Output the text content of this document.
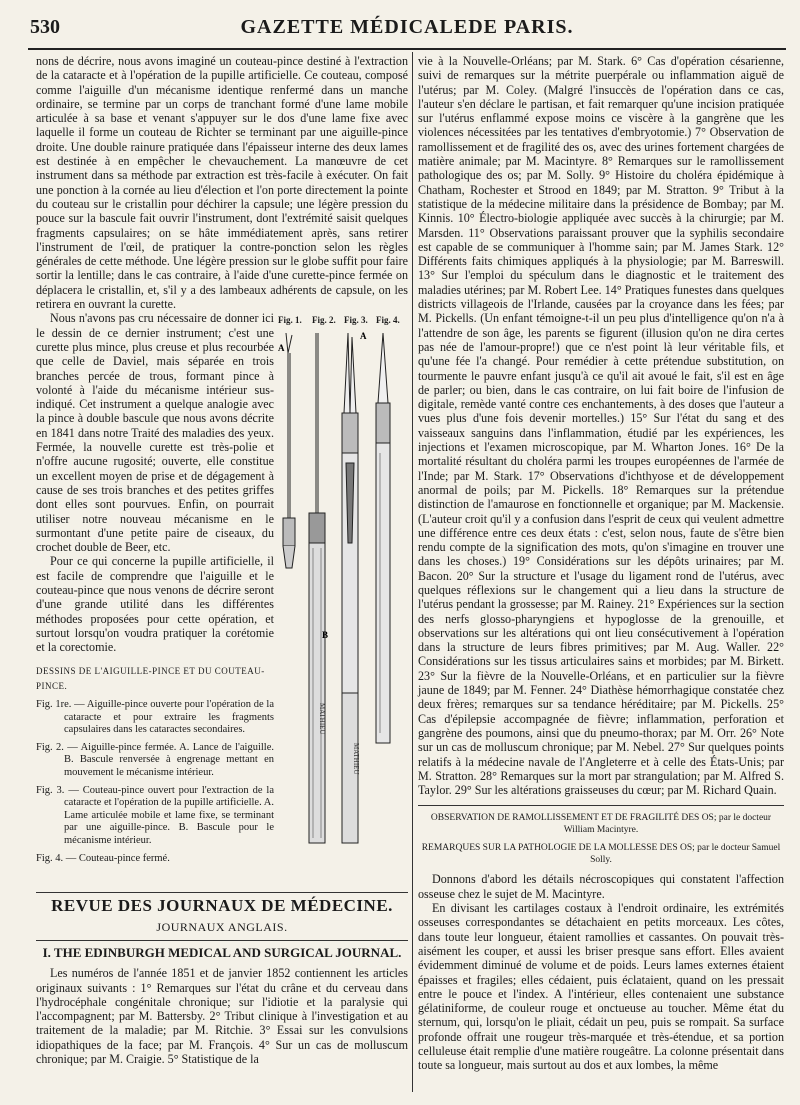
530	GAZETTE MÉDICALEDE PARIS.

nons de décrire, nous avons imaginé un couteau-pince destiné à l'extraction de la cataracte et à l'opération de la pupille artificielle. Ce couteau, composé comme l'aiguille d'un mécanisme identique renfermé dans un manche ordinaire, se termine par un corps de tranchant formé d'une lame mobile articulée à sa base et venant s'appuyer sur le dos d'une lame fixe avec laquelle il forme un couteau de Richter se terminant par une aiguille-pince droite. Une double rainure pratiquée dans l'épaisseur interne des deux lames est destinée à en empêcher le chevauchement. La manœuvre de cet instrument dans sa méthode par extraction est très-facile à exécuter. On fait une ponction à la cornée au lieu d'élection et l'on porte directement la pointe du couteau sur le cristallin pour déchirer la capsule; une légère pression du pouce sur la bascule fait ouvrir l'instrument, dont l'extrémité saisit quelques fragments capsulaires; on se hâte immédiatement après, sans retirer l'instrument de l'œil, de pratiquer la contre-ponction selon les règles générales de cette méthode. Une légère pression sur le globe suffit pour faire sortir la lentille; dans le cas contraire, à l'aide d'une curette-pince fermée on déplacera le cristallin, et, s'il y a des lambeaux adhérents de capsule, on les retirera en ouvrant la curette.

Nous n'avons pas cru nécessaire de donner ici le dessin de ce dernier instrument; c'est une curette plus mince, plus creuse et plus recourbée que celle de Daviel, mais séparée en trois branches percée de trous, formant pince à volonté à l'aide du mécanisme intérieur sus-indiqué. Cet instrument a quelque analogie avec la pince à double bascule que nous avons décrite en 1841 dans notre Traité des maladies des yeux. Fermée, la nouvelle curette est très-polie et n'offre aucune rugosité; ouverte, elle constitue un excellent moyen de prise et de dégagement à cause de ses trois branches et des petites griffes dont elles sont pourvues. Enfin, on pourrait utiliser notre nouveau mécanisme en le surmontant d'une petite paire de ciseaux, du crochet double de Beer, etc.

Pour ce qui concerne la pupille artificielle, il est facile de comprendre que l'aiguille et le couteau-pince que nous venons de décrire seront d'une grande utilité dans les différentes méthodes proposées pour cette opération, et surtout lorsqu'on voudra pratiquer la corétomie et la corectomie.

DESSINS DE L'AIGUILLE-PINCE ET DU COUTEAU-PINCE.
Fig. 1re. — Aiguille-pince ouverte pour l'opération de la cataracte et pour extraire les fragments capsulaires dans les cataractes secondaires.
Fig. 2. — Aiguille-pince fermée. A. Lance de l'aiguille. B. Bascule renversée à engrenage mettant en mouvement le mécanisme intérieur.
Fig. 3. — Couteau-pince ouvert pour l'extraction de la cataracte et l'opération de la pupille artificielle. A. Lame articulée mobile et lame fixe, se terminant par une aiguille-pince. B. Bascule pour le mécanisme intérieur.
Fig. 4. — Couteau-pince fermé.
Fig. 1. Fig. 2. Fig. 3. Fig. 4.
A
MATHIEU
A
B
MATHIEU
REVUE DES JOURNAUX DE MÉDECINE.
JOURNAUX ANGLAIS.
I. THE EDINBURGH MEDICAL AND SURGICAL JOURNAL.

Les numéros de l'année 1851 et de janvier 1852 contiennent les articles originaux suivants : 1° Remarques sur l'état du crâne et du cerveau dans l'hydrocéphale congénitale chronique; sur l'idiotie et la paralysie qui l'accompagnent; par M. Battersby. 2° Tribut clinique à l'investigation et au traitement de la maladie; par M. Ritchie. 3° Essai sur les convulsions idiopathiques de la face; par M. François. 4° Sur un cas de molluscum chronique; par M. Craigie. 5° Statistique de la

vie à la Nouvelle-Orléans; par M. Stark. 6° Cas d'opération césarienne, suivi de remarques sur la métrite puerpérale ou inflammation aiguë de l'utérus; par M. Coley. (Malgré l'insuccès de l'opération dans ce cas, l'auteur s'en déclare le partisan, et fait remarquer qu'une incision pratiquée sur l'utérus enflammé expose moins ce viscère à la gangrène que les violences nécessitées par les tentatives d'embryotomie.) 7° Observation de ramollissement et de fragilité des os, avec des urines fortement chargées de matière animale; par M. Macintyre. 8° Remarques sur le ramollissement pathologique des os; par M. Solly. 9° Histoire du choléra épidémique à Chatham, Rochester et Strood en 1849; par M. Stratton. 9° Tribut à la statistique de la médecine militaire dans la présidence de Bombay; par M. Kinnis. 10° Électro-biologie appliquée avec succès à la chirurgie; par M. Marsden. 11° Observations paraissant prouver que la syphilis secondaire est capable de se communiquer à l'homme sain; par M. James Stark. 12° Différents faits chimiques appliqués à la physiologie; par M. Barreswill. 13° Sur l'emploi du spéculum dans le diagnostic et le traitement des maladies utérines; par M. Robert Lee. 14° Pratiques funestes dans quelques districts villageois de l'Irlande, causées par la croyance dans les fées; par M. Pickells. (Un enfant témoigne-t-il un peu plus d'intelligence qu'on n'a à l'attendre de son âge, les parents se figurent (illusion qu'on ne dira certes pas née de l'amour-propre!) que ce n'est point là leur véritable fils, et qu'une fée l'a changé. Pour remédier à cette prétendue substitution, on tourmente le pauvre enfant jusqu'à ce qu'il ait avoué le fait, s'il est en âge de parler; ou bien, dans le cas contraire, on lui fait boire de l'infusion de digitale, remède vanté contre ces enchantements, à des doses que l'auteur a vues plus d'une fois devenir mortelles.) 15° Sur l'état du sang et des vaisseaux sanguins dans l'inflammation, étudié par les expériences, les injections et l'examen microscopique, par M. Wharton Jones. 16° De la mortalité résultant du choléra parmi les troupes européennes de l'armée de l'Inde; par M. Stark. 17° Observations d'ichthyose et de développement anormal de poils; par M. Pickells. 18° Remarques sur la prétendue distinction de l'amaurose en fonctionnelle et organique; par M. Mackensie. (L'auteur croit qu'il y a confusion dans l'esprit de ceux qui veulent admettre une différence entre ces deux états : c'est, selon nous, faute de s'être bien rendu compte de la signification des mots, qu'on s'imagine en trouver une dans les choses.) 19° Considérations sur les dépôts urinaires; par M. Bacon. 20° Sur la structure et l'usage du ligament rond de l'utérus, avec quelques réflexions sur le changement qui a lieu dans la structure de l'utérus pendant la grossesse; par M. Rainey. 21° Expériences sur la section des nerfs glosso-pharyngiens et hypoglosse de la grenouille, et observations sur les altérations qui ont lieu consécutivement à l'opération dans la structure de leurs fibres primitives; par M. Aug. Waller. 22° Considérations sur les tissus articulaires sains et morbides; par M. Birkett. 23° Sur la fièvre de la Nouvelle-Orléans, et en particulier sur la fièvre jaune de 1849; par M. Fenner. 24° Diathèse hémorrhagique constatée chez deux frères; remarques sur sa tendance héréditaire; par M. Pickells. 25° Cas d'épilepsie accompagnée de fièvre; inflammation, perforation et gangrène des poumons, ainsi que du pneumo-thorax; par M. Orr. 26° Note sur un cas de molluscum chronique; par M. Nebel. 27° Sur quelques points relatifs à la médecine navale de l'Angleterre et à celle des États-Unis; par M. Stratton. 28° Remarques sur la mort par strangulation; par M. Alfred S. Taylor. 29° Sur les altérations graisseuses du cœur; par M. Richard Quain.

OBSERVATION DE RAMOLLISSEMENT ET DE FRAGILITÉ DES OS; par le docteur William Macintyre.
REMARQUES SUR LA PATHOLOGIE DE LA MOLLESSE DES OS; par le docteur Samuel Solly.

Donnons d'abord les détails nécroscopiques qui constatent l'affection osseuse chez le sujet de M. Macintyre.

En divisant les cartilages costaux à l'endroit ordinaire, les extrémités osseuses correspondantes se détachaient en petits morceaux. Les côtes, dans toute leur longueur, étaient ramollies et cassantes. On pouvait très-aisément les couper, et aussi les briser presque sans effort. Elles avaient évidemment diminué de volume et de poids. Leurs lames externes étaient épaisses et fragiles; elles cédaient, puis éclataient, quand on les pressait entre le pouce et l'index. A l'intérieur, elles contenaient une substance gélatiniforme, de couleur rouge et onctueuse au toucher. Même état du sternum, qui, lorsqu'on le pliait, cédait un peu, puis se rompait. Sa surface profonde offrait une rougeur très-marquée et très-étendue, et sa portion celluleuse était remplie d'une matière rougeâtre. La colonne présentait dans toute sa longueur, mais surtout au dos et aux lombes, la même
